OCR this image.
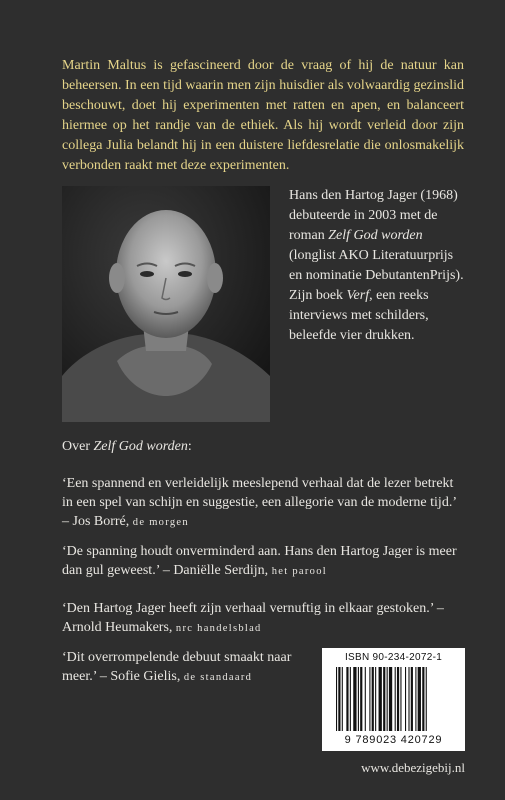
Martin Maltus is gefascineerd door de vraag of hij de natuur kan beheersen. In een tijd waarin men zijn huisdier als volwaardig gezinslid beschouwt, doet hij experimenten met ratten en apen, en balanceert hiermee op het randje van de ethiek. Als hij wordt verleid door zijn collega Julia belandt hij in een duistere liefdesrelatie die onlosmakelijk verbonden raakt met deze experimenten.
Hans den Hartog Jager (1968) debuteerde in 2003 met de roman Zelf God worden (longlist AKO Literatuurprijs en nominatie DebutantenPrijs). Zijn boek Verf, een reeks interviews met schilders, beleefde vier drukken.
Over Zelf God worden:
‘Een spannend en verleidelijk meeslepend verhaal dat de lezer betrekt in een spel van schijn en suggestie, een allegorie van de moderne tijd.’ – Jos Borré, de morgen
‘De spanning houdt onverminderd aan. Hans den Hartog Jager is meer dan gul geweest.’ – Daniëlle Serdijn, het parool
‘Den Hartog Jager heeft zijn verhaal vernuftig in elkaar gestoken.’ – Arnold Heumakers, nrc handelsblad
‘Dit overrompelende debuut smaakt naar meer.’ – Sofie Gielis, de standaard
ISBN 90-234-2072-1
9 789023 420729
www.debezigebij.nl
